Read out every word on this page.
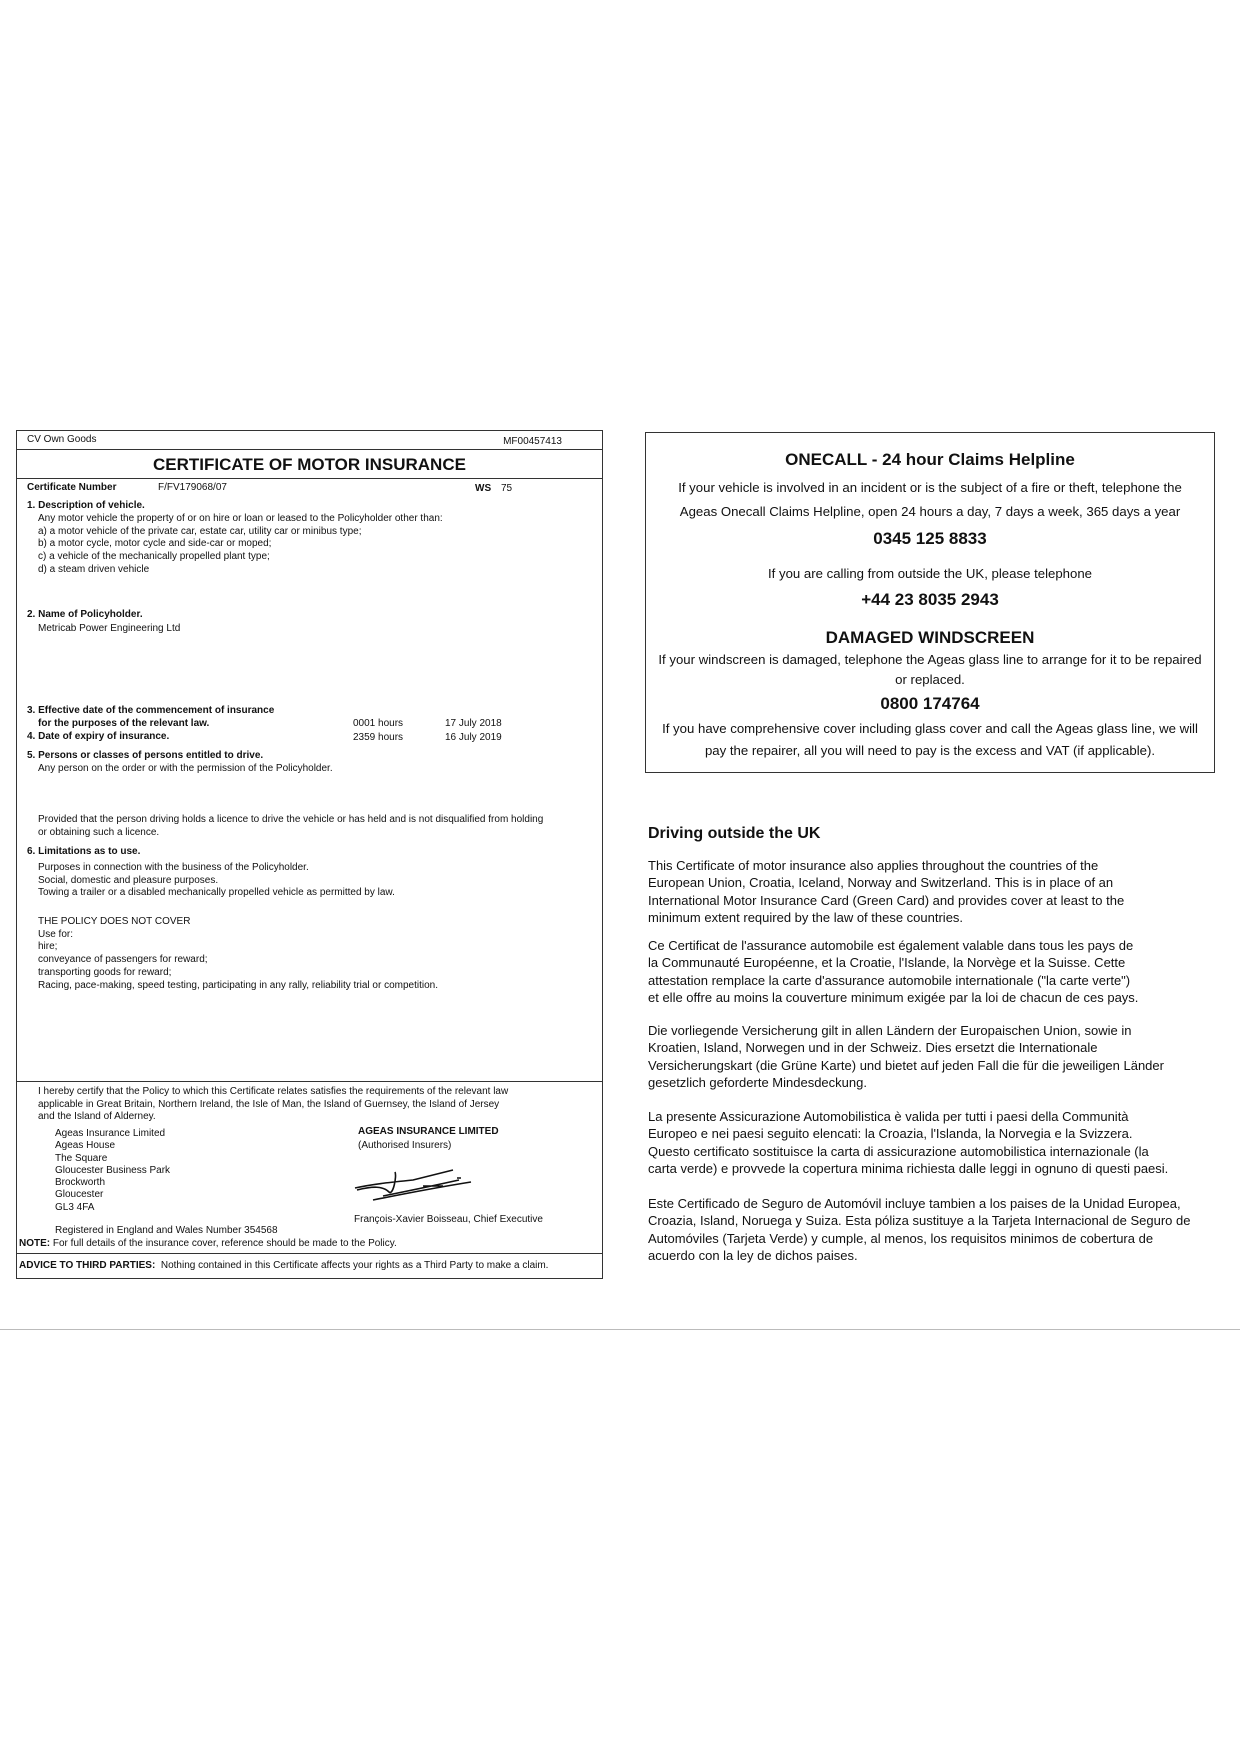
CV Own Goods	MF00457413
CERTIFICATE OF MOTOR INSURANCE
Certificate Number	F/FV179068/07	WS 75
1. Description of vehicle.
Any motor vehicle the property of or on hire or loan or leased to the Policyholder other than:
a) a motor vehicle of the private car, estate car, utility car or minibus type;
b) a motor cycle, motor cycle and side-car or moped;
c) a vehicle of the mechanically propelled plant type;
d) a steam driven vehicle
2. Name of Policyholder.
Metricab Power Engineering Ltd
3. Effective date of the commencement of insurance
for the purposes of the relevant law.	0001 hours	17 July 2018
4. Date of expiry of insurance.	2359 hours	16 July 2019
5. Persons or classes of persons entitled to drive.
Any person on the order or with the permission of the Policyholder.
Provided that the person driving holds a licence to drive the vehicle or has held and is not disqualified from holding
or obtaining such a licence.
6. Limitations as to use.
Purposes in connection with the business of the Policyholder.
Social, domestic and pleasure purposes.
Towing a trailer or a disabled mechanically propelled vehicle as permitted by law.
THE POLICY DOES NOT COVER
Use for:
hire;
conveyance of passengers for reward;
transporting goods for reward;
Racing, pace-making, speed testing, participating in any rally, reliability trial or competition.
I hereby certify that the Policy to which this Certificate relates satisfies the requirements of the relevant law
applicable in Great Britain, Northern Ireland, the Isle of Man, the Island of Guernsey, the Island of Jersey
and the Island of Alderney.
Ageas Insurance Limited
Ageas House
The Square
Gloucester Business Park
Brockworth
Gloucester
GL3 4FA
AGEAS INSURANCE LIMITED
(Authorised Insurers)
François-Xavier Boisseau, Chief Executive
Registered in England and Wales Number 354568
NOTE: For full details of the insurance cover, reference should be made to the Policy.
ADVICE TO THIRD PARTIES: Nothing contained in this Certificate affects your rights as a Third Party to make a claim.
ONECALL - 24 hour Claims Helpline
If your vehicle is involved in an incident or is the subject of a fire or theft, telephone the
Ageas Onecall Claims Helpline, open 24 hours a day, 7 days a week, 365 days a year
0345 125 8833
If you are calling from outside the UK, please telephone
+44 23 8035 2943
DAMAGED WINDSCREEN
If your windscreen is damaged, telephone the Ageas glass line to arrange for it to be repaired
or replaced.
0800 174764
If you have comprehensive cover including glass cover and call the Ageas glass line, we will
pay the repairer, all you will need to pay is the excess and VAT (if applicable).
Driving outside the UK
This Certificate of motor insurance also applies throughout the countries of the
European Union, Croatia, Iceland, Norway and Switzerland. This is in place of an
International Motor Insurance Card (Green Card) and provides cover at least to the
minimum extent required by the law of these countries.
Ce Certificat de l'assurance automobile est également valable dans tous les pays de
la Communauté Européenne, et la Croatie, l'Islande, la Norvège et la Suisse. Cette
attestation remplace la carte d'assurance automobile internationale ("la carte verte")
et elle offre au moins la couverture minimum exigée par la loi de chacun de ces pays.
Die vorliegende Versicherung gilt in allen Ländern der Europaischen Union, sowie in
Kroatien, Island, Norwegen und in der Schweiz. Dies ersetzt die Internationale
Versicherungskart (die Grüne Karte) und bietet auf jeden Fall die für die jeweiligen Länder
gesetzlich geforderte Mindesdeckung.
La presente Assicurazione Automobilistica è valida per tutti i paesi della Communità
Europeo e nei paesi seguito elencati: la Croazia, l'Islanda, la Norvegia e la Svizzera.
Questo certificato sostituisce la carta di assicurazione automobilistica internazionale (la
carta verde) e provvede la copertura minima richiesta dalle leggi in ognuno di questi paesi.
Este Certificado de Seguro de Automóvil incluye tambien a los paises de la Unidad Europea,
Croazia, Island, Noruega y Suiza. Esta póliza sustituye a la Tarjeta Internacional de Seguro de
Automóviles (Tarjeta Verde) y cumple, al menos, los requisitos minimos de cobertura de
acuerdo con la ley de dichos paises.
